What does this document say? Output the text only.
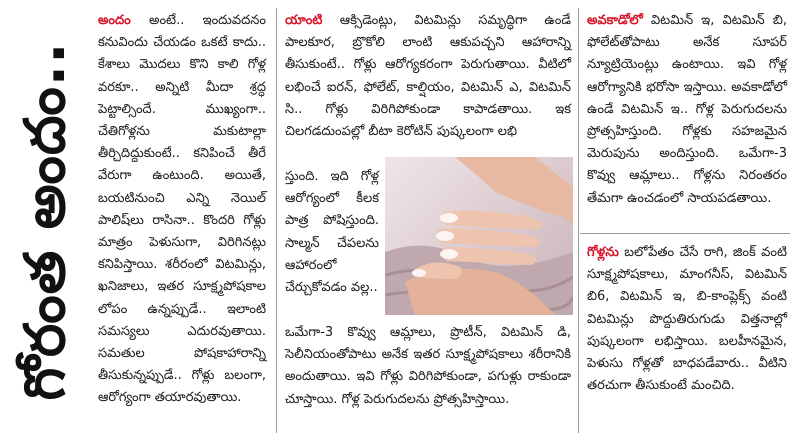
గోరంత అందం..

అందం అంటే.. ఇందువదనం కనువిందు చేయడం ఒకటే కాదు.. కేశాలు మొదలు కొని కాలి గోళ్ల వరకూ.. అన్నిటి మీదా శ్రద్ధ పెట్టాల్సిందే. ముఖ్యంగా.. చేతిగోళ్లను మకుటాల్లా తీర్చిదిద్దుకుంటే.. కనిపించే తీరే వేరుగా ఉంటుంది. అయితే, బయటినుంచి ఎన్ని నెయిల్ పాలిష్‌లు రాసినా.. కొందరి గోళ్లు మాత్రం పెళుసుగా, విరిగినట్లు కనిపిస్తాయి. శరీరంలో విటమిన్లు, ఖనిజాలు, ఇతర సూక్ష్మపోషకాల లోపం ఉన్నప్పుడే.. ఇలాంటి సమస్యలు ఎదురవుతాయి. సమతుల పోషకాహారాన్ని తీసుకున్నప్పుడే.. గోళ్లు బలంగా, ఆరోగ్యంగా తయారవుతాయి.

యాంటి ఆక్సిడెంట్లు, విటమిన్లు సమృద్ధిగా ఉండే పాలకూర, బ్రొకోలి లాంటి ఆకుపచ్చని ఆహారాన్ని తీసుకుంటే.. గోళ్లు ఆరోగ్యకరంగా పెరుగుతాయి. వీటిలో లభించే ఐరన్, ఫోలేట్, కాల్షియం, విటమిన్ ఎ, విటమిన్ సి.. గోళ్లు విరిగిపోకుండా కాపాడతాయి. ఇక చిలగడదుంపల్లో బీటా కెరోటిన్ పుష్కలంగా లభి

స్తుంది. ఇది గోళ్ల ఆరోగ్యంలో కీలక పాత్ర పోషిస్తుంది. సాల్మన్ చేపలను ఆహారంలో చేర్చుకోవడం వల్ల..

ఒమేగా-3 కొవ్వు ఆమ్లాలు, ప్రొటీన్, విటమిన్ డి, సెలీనియంతోపాటు అనేక ఇతర సూక్ష్మపోషకాలు శరీరానికి అందుతాయి. ఇవి గోళ్లు విరిగిపోకుండా, పగుళ్లు రాకుండా చూస్తాయి. గోళ్ల పెరుగుదలను ప్రోత్సహిస్తాయి.

అవకాడోలో విటమిన్ ఇ, విటమిన్ బి, ఫోలేట్‌తోపాటు అనేక సూపర్ న్యూట్రియెంట్లు ఉంటాయి. ఇవి గోళ్ల ఆరోగ్యానికి భరోసా ఇస్తాయి. అవకాడోలో ఉండే విటమిన్ ఇ.. గోళ్ల పెరుగుదలను ప్రోత్సహిస్తుంది. గోళ్లకు సహజమైన మెరుపును అందిస్తుంది. ఒమేగా-3 కొవ్వు ఆమ్లాలు.. గోళ్లను నిరంతరం తేమగా ఉంచడంలో సాయపడతాయి.

గోళ్లను బలోపేతం చేసే రాగి, జింక్ వంటి సూక్ష్మపోషకాలు, మాంగనీస్, విటమిన్ బి6, విటమిన్ ఇ, బి-కాంప్లెక్స్ వంటి విటమిన్లు పొద్దుతిరుగుడు విత్తనాల్లో పుష్కలంగా లభిస్తాయి. బలహీనమైన, పెళుసు గోళ్లతో బాధపడేవారు.. వీటిని తరచుగా తీసుకుంటే మంచిది.
